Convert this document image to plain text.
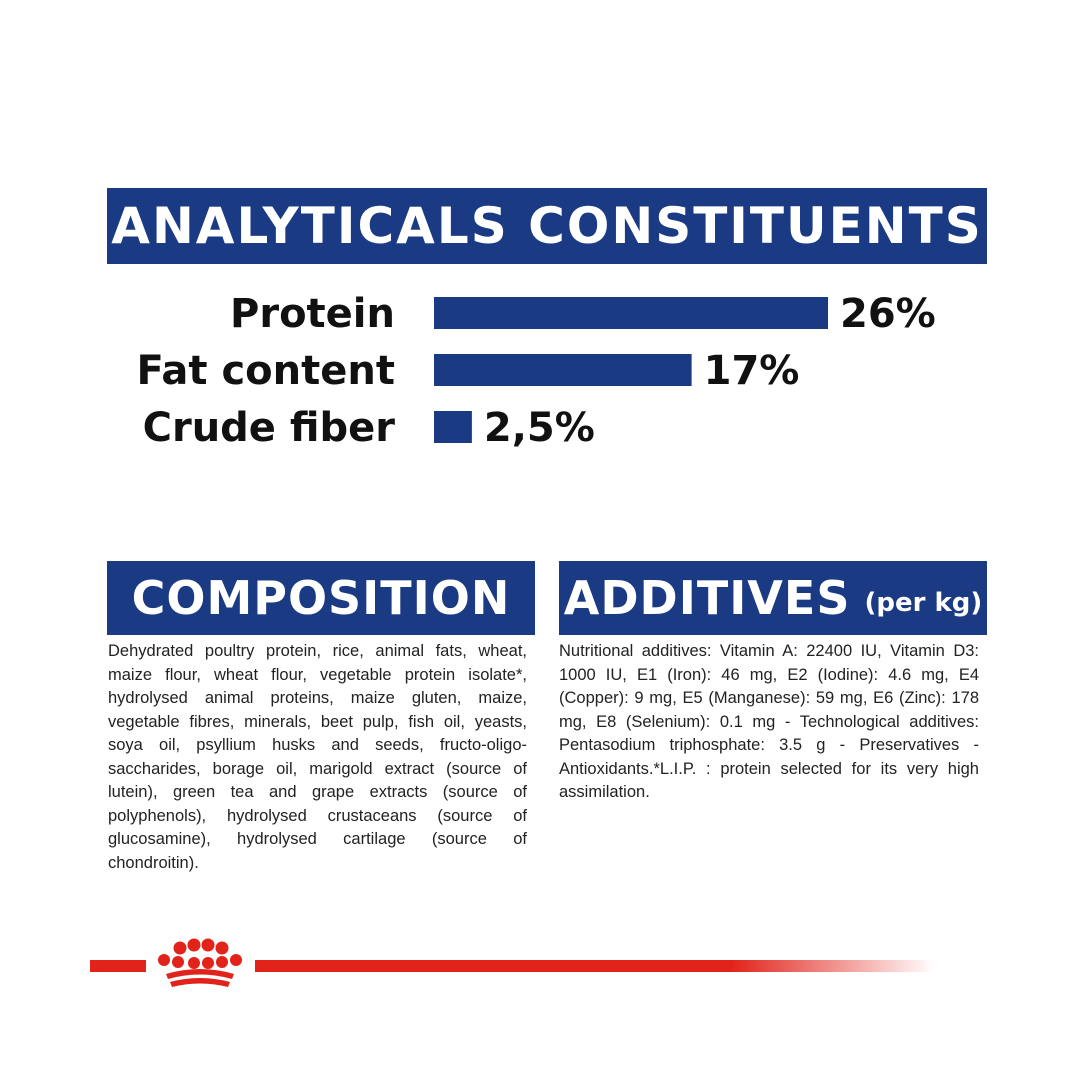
ANALYTICALS CONSTITUENTS
Protein	26%
Fat content	17%
Crude fiber 2,5%
COMPOSITION

Dehydrated poultry protein, rice, animal fats, wheat, maize flour, wheat flour, vegetable protein isolate*, hydrolysed animal proteins, maize gluten, maize, vegetable fibres, minerals, beet pulp, fish oil, yeasts, soya oil, psyllium husks and seeds, fructo-oligo-saccharides, borage oil, marigold extract (source of lutein), green tea and grape extracts (source of polyphenols), hydrolysed crustaceans (source of glucosamine), hydrolysed cartilage (source of chondroitin).

ADDITIVES (per kg)

Nutritional additives: Vitamin A: 22400 IU, Vitamin D3: 1000 IU, E1 (Iron): 46 mg, E2 (Iodine): 4.6 mg, E4 (Copper): 9 mg, E5 (Manganese): 59 mg, E6 (Zinc): 178 mg, E8 (Selenium): 0.1 mg - Technological additives: Pentasodium triphosphate: 3.5 g - Preservatives - Antioxidants.*L.I.P. : protein selected for its very high assimilation.
